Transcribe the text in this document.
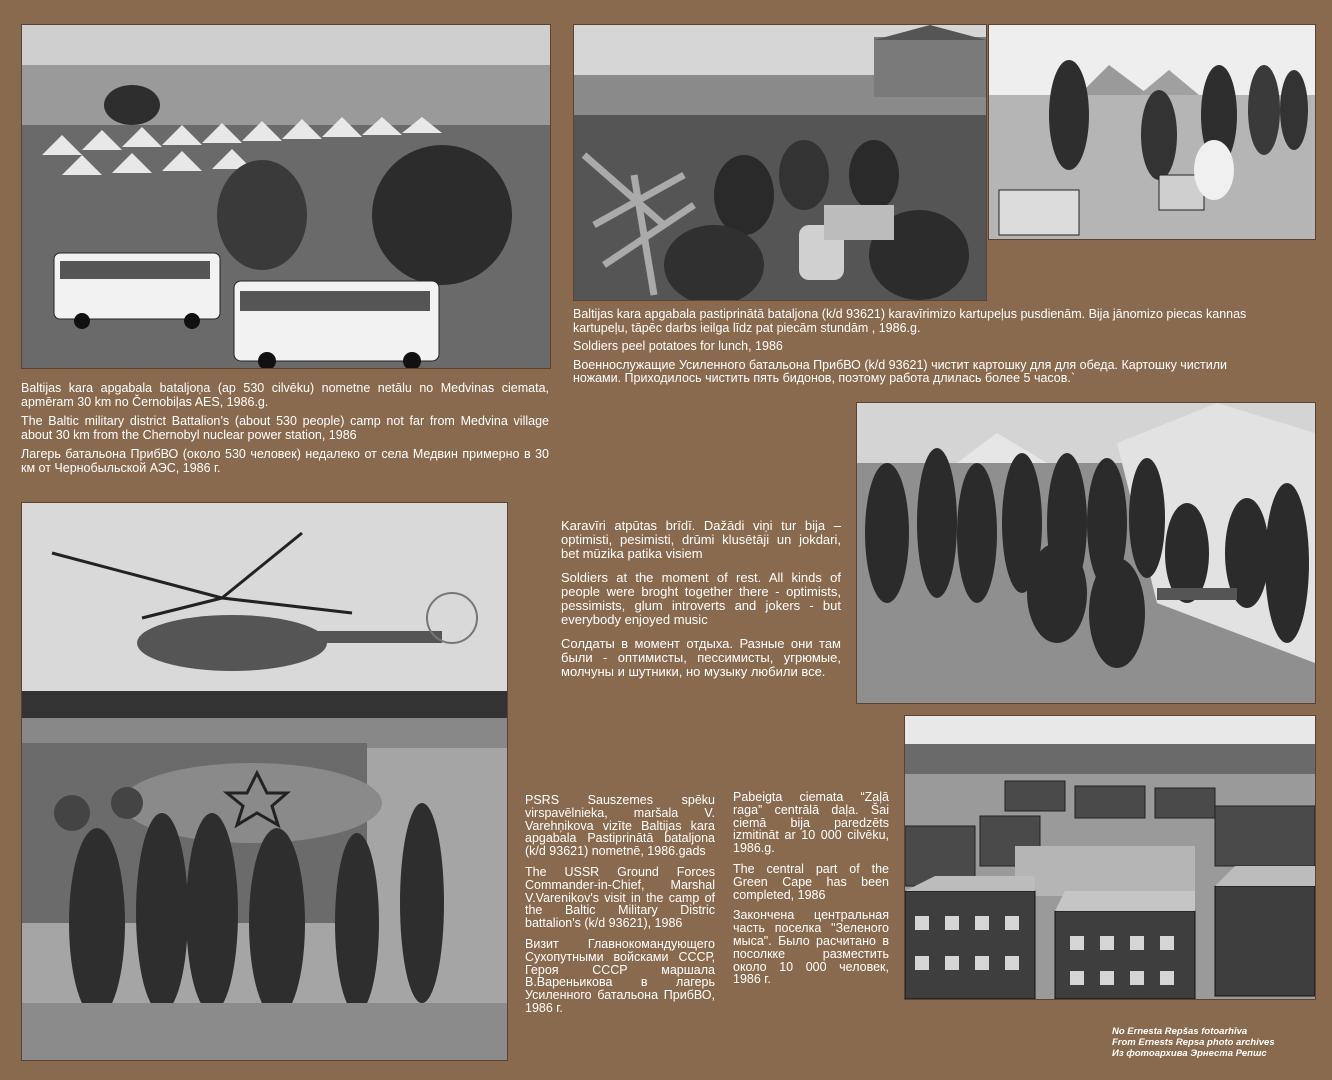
Baltijas kara apgabala bataljoņa (ap 530 cilvēku) nometne netālu no Medvinas ciemata, apmēram 30 km no Černobiļas AES, 1986.g.

The Baltic military district Battalion’s (about 530 people) camp not far from Medvina village about 30 km from the Chernobyl nuclear power station, 1986

Лагерь батальона ПрибВО (около 530 человек) недалеко от села Медвин примерно в 30 км от Чернобыльской АЭС, 1986 г.

Baltijas kara apgabala pastiprinātā bataljona (k/d 93621) karavīrimizo kartupeļus pusdienām. Bija jānomizo piecas kannas kartupeļu, tāpēc darbs ieilga līdz pat piecām stundām , 1986.g.

Soldiers peel potatoes for lunch, 1986

Военнослужащие Усиленного батальона ПрибВО (k/d 93621) чистит картошку для для обеда. Картошку чистили ножами. Приходилось чистить пять бидонов, поэтому работа длилась более 5 часов.`

Karavīri atpūtas brīdī. Dažādi viņi tur bija – optimisti, pesimisti, drūmi klusētāji un jokdari, bet mūzika patika visiem

Soldiers at the moment of rest. All kinds of people were broght together there - optimists, pessimists, glum introverts and jokers - but everybody enjoyed music

Солдаты в момент отдыха. Разные они там были - оптимисты, пессимисты, угрюмые, молчуны и шутники, но музыку любили все.

PSRS Sauszemes spēku virspavēlnieka, maršala V. Varehņikova vizīte Baltijas kara apgabala Pastiprinātā bataljona (k/d 93621) nometnē, 1986.gads

The USSR Ground Forces Commander-in-Chief, Marshal V.Varenikov's visit in the camp of the Baltic Military Distric battalion's (k/d 93621), 1986

Визит Главнокомандующего Сухопутными войсками СССР, Героя СССР маршала В.Вареньикова в лагерь Усиленного батальона ПрибВО, 1986 г.

Pabeigta ciemata “Zaļā raga” centrālā daļa. Šai ciemā bija paredzēts izmitināt ar 10 000 cilvēku, 1986.g.

The central part of the Green Cape has been completed, 1986

Закончена центральная часть поселка "Зеленого мыса". Было расчитано в посолкке разместить около 10 000 человек, 1986 г.

No Ernesta Repšas fotoarhīva
From Ernests Repsa photo archives
Из фотоархива Эрнеста Репшс
